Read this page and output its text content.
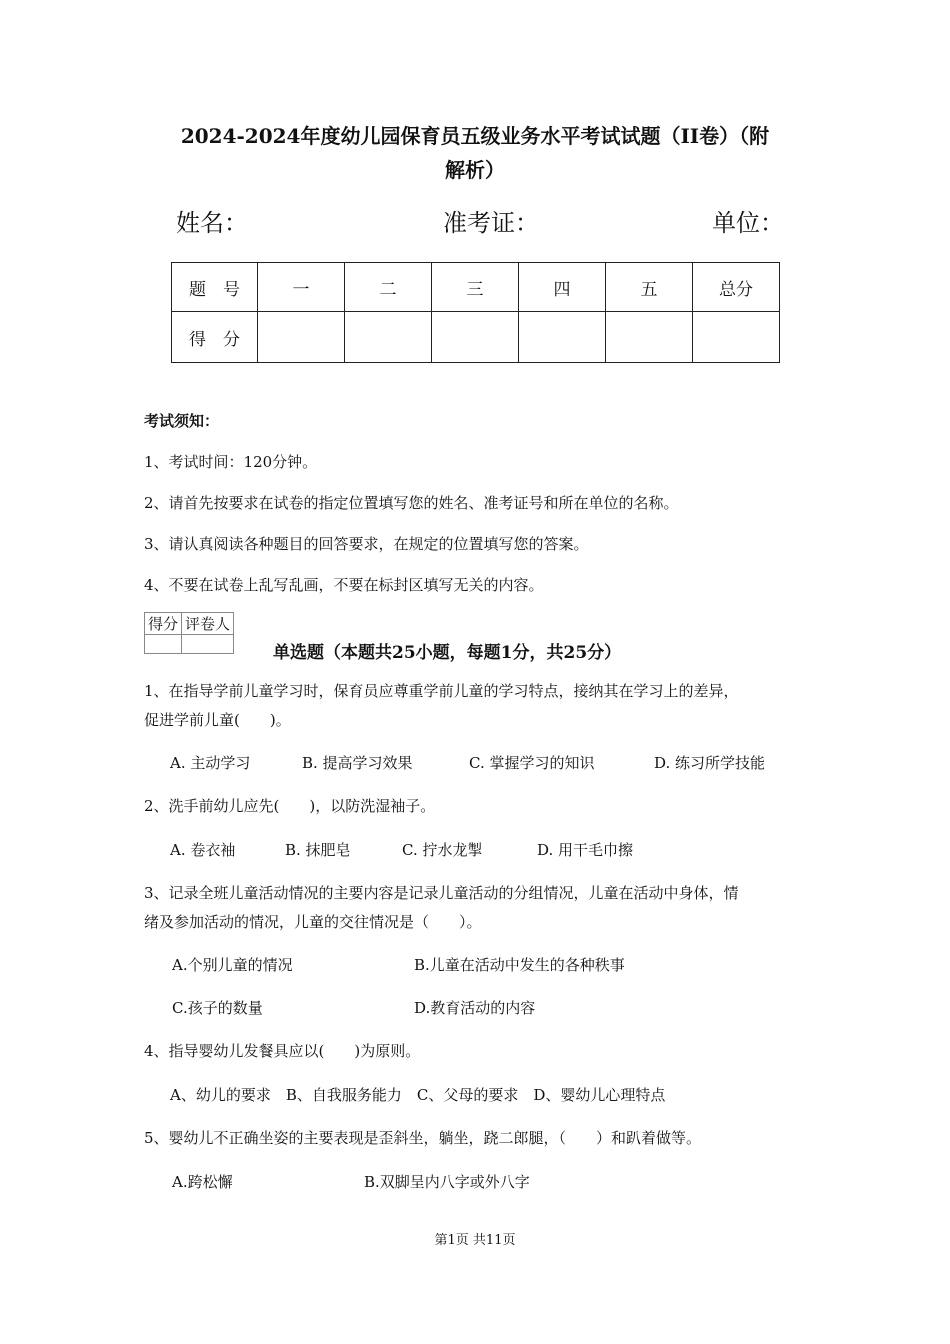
2024-2024年度幼儿园保育员五级业务水平考试试题（II卷）（附
解析）
姓名：	准考证：	单位：
题　号	一	二	三	四	五	总分
得　分						
考试须知：
1、考试时间：120分钟。
2、请首先按要求在试卷的指定位置填写您的姓名、准考证号和所在单位的名称。
3、请认真阅读各种题目的回答要求，在规定的位置填写您的答案。
4、不要在试卷上乱写乱画，不要在标封区填写无关的内容。
得分	评卷人

单选题（本题共25小题，每题1分，共25分）
1、在指导学前儿童学习时，保育员应尊重学前儿童的学习特点，接纳其在学习上的差异，
促进学前儿童(　　)。
A. 主动学习	B. 提高学习效果	C. 掌握学习的知识	D. 练习所学技能
2、洗手前幼儿应先(　　)，以防洗湿袖子。
A. 卷衣袖	B. 抹肥皂	C. 拧水龙掣	D. 用干毛巾擦
3、记录全班儿童活动情况的主要内容是记录儿童活动的分组情况，儿童在活动中身体，情
绪及参加活动的情况，儿童的交往情况是（　　）。
A.个别儿童的情况	B.儿童在活动中发生的各种秩事
C.孩子的数量	D.教育活动的内容
4、指导婴幼儿发餐具应以(　　)为原则。
A、幼儿的要求　B、自我服务能力　C、父母的要求　D、婴幼儿心理特点
5、婴幼儿不正确坐姿的主要表现是歪斜坐，躺坐，跷二郎腿，（　　）和趴着做等。
A.跨松懈	B.双脚呈内八字或外八字
第1页 共11页
